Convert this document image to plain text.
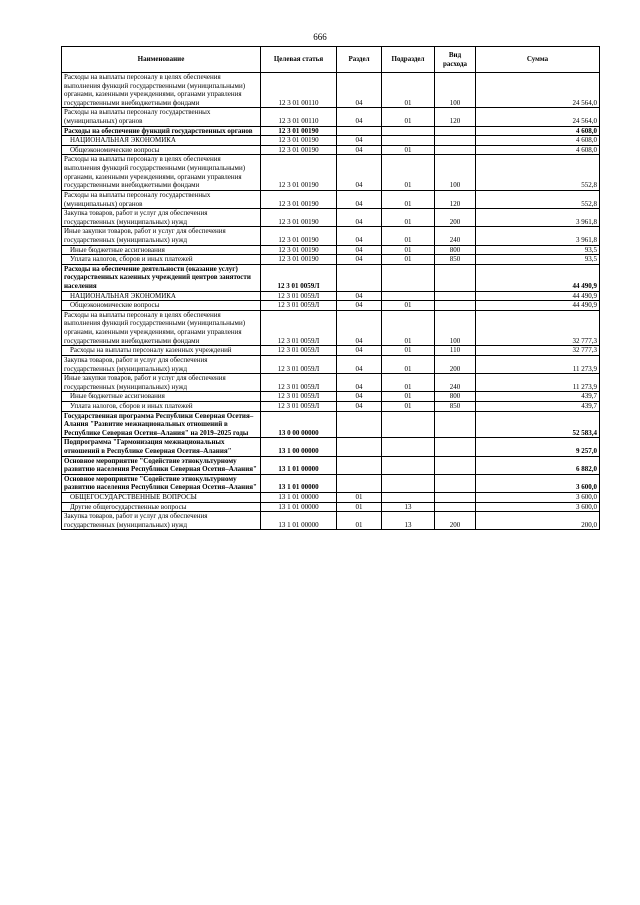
666
Наименование	Целевая статья	Раздел	Подраздел	Вид расхода	Сумма
Расходы на выплаты персоналу в целях обеспечения выполнения функций государственными (муниципальными) органами, казенными учреждениями, органами управления государственными внебюджетными фондами	12 3 01 00110	04	01	100	24 564,0
Расходы на выплаты персоналу государственных (муниципальных) органов	12 3 01 00110	04	01	120	24 564,0
Расходы на обеспечение функций государственных органов	12 3 01 00190				4 608,0
НАЦИОНАЛЬНАЯ ЭКОНОМИКА	12 3 01 00190	04			4 608,0
Общеэкономические вопросы	12 3 01 00190	04	01		4 608,0
Расходы на выплаты персоналу в целях обеспечения выполнения функций государственными (муниципальными) органами, казенными учреждениями, органами управления государственными внебюджетными фондами	12 3 01 00190	04	01	100	552,8
Расходы на выплаты персоналу государственных (муниципальных) органов	12 3 01 00190	04	01	120	552,8
Закупка товаров, работ и услуг для обеспечения государственных (муниципальных) нужд	12 3 01 00190	04	01	200	3 961,8
Иные закупки товаров, работ и услуг для обеспечения государственных (муниципальных) нужд	12 3 01 00190	04	01	240	3 961,8
Иные бюджетные ассигнования	12 3 01 00190	04	01	800	93,5
Уплата налогов, сборов и иных платежей	12 3 01 00190	04	01	850	93,5
Расходы на обеспечение деятельности (оказание услуг) государственных казенных учреждений центров занятости населения	12 3 01 0059Л				44 490,9
НАЦИОНАЛЬНАЯ ЭКОНОМИКА	12 3 01 0059Л	04			44 490,9
Общеэкономические вопросы	12 3 01 0059Л	04	01		44 490,9
Расходы на выплаты персоналу в целях обеспечения выполнения функций государственными (муниципальными) органами, казенными учреждениями, органами управления государственными внебюджетными фондами	12 3 01 0059Л	04	01	100	32 777,3
Расходы на выплаты персоналу казенных учреждений	12 3 01 0059Л	04	01	110	32 777,3
Закупка товаров, работ и услуг для обеспечения государственных (муниципальных) нужд	12 3 01 0059Л	04	01	200	11 273,9
Иные закупки товаров, работ и услуг для обеспечения государственных (муниципальных) нужд	12 3 01 0059Л	04	01	240	11 273,9
Иные бюджетные ассигнования	12 3 01 0059Л	04	01	800	439,7
Уплата налогов, сборов и иных платежей	12 3 01 0059Л	04	01	850	439,7
Государственная программа Республики Северная Осетия–Алания "Развитие межнациональных отношений в Республике Северная Осетия–Алания" на 2019–2025 годы	13 0 00 00000				52 583,4
Подпрограмма "Гармонизация межнациональных отношений в Республике Северная Осетия–Алания"	13 1 00 00000				9 257,0
Основное мероприятие "Содействие этнокультурному развитию населения Республики Северная Осетия–Алания"	13 1 01 00000				6 882,0
Основное мероприятие "Содействие этнокультурному развитию населения Республики Северная Осетия–Алания"	13 1 01 00000				3 600,0
ОБЩЕГОСУДАРСТВЕННЫЕ ВОПРОСЫ	13 1 01 00000	01			3 600,0
Другие общегосударственные вопросы	13 1 01 00000	01	13		3 600,0
Закупка товаров, работ и услуг для обеспечения государственных (муниципальных) нужд	13 1 01 00000	01	13	200	200,0
